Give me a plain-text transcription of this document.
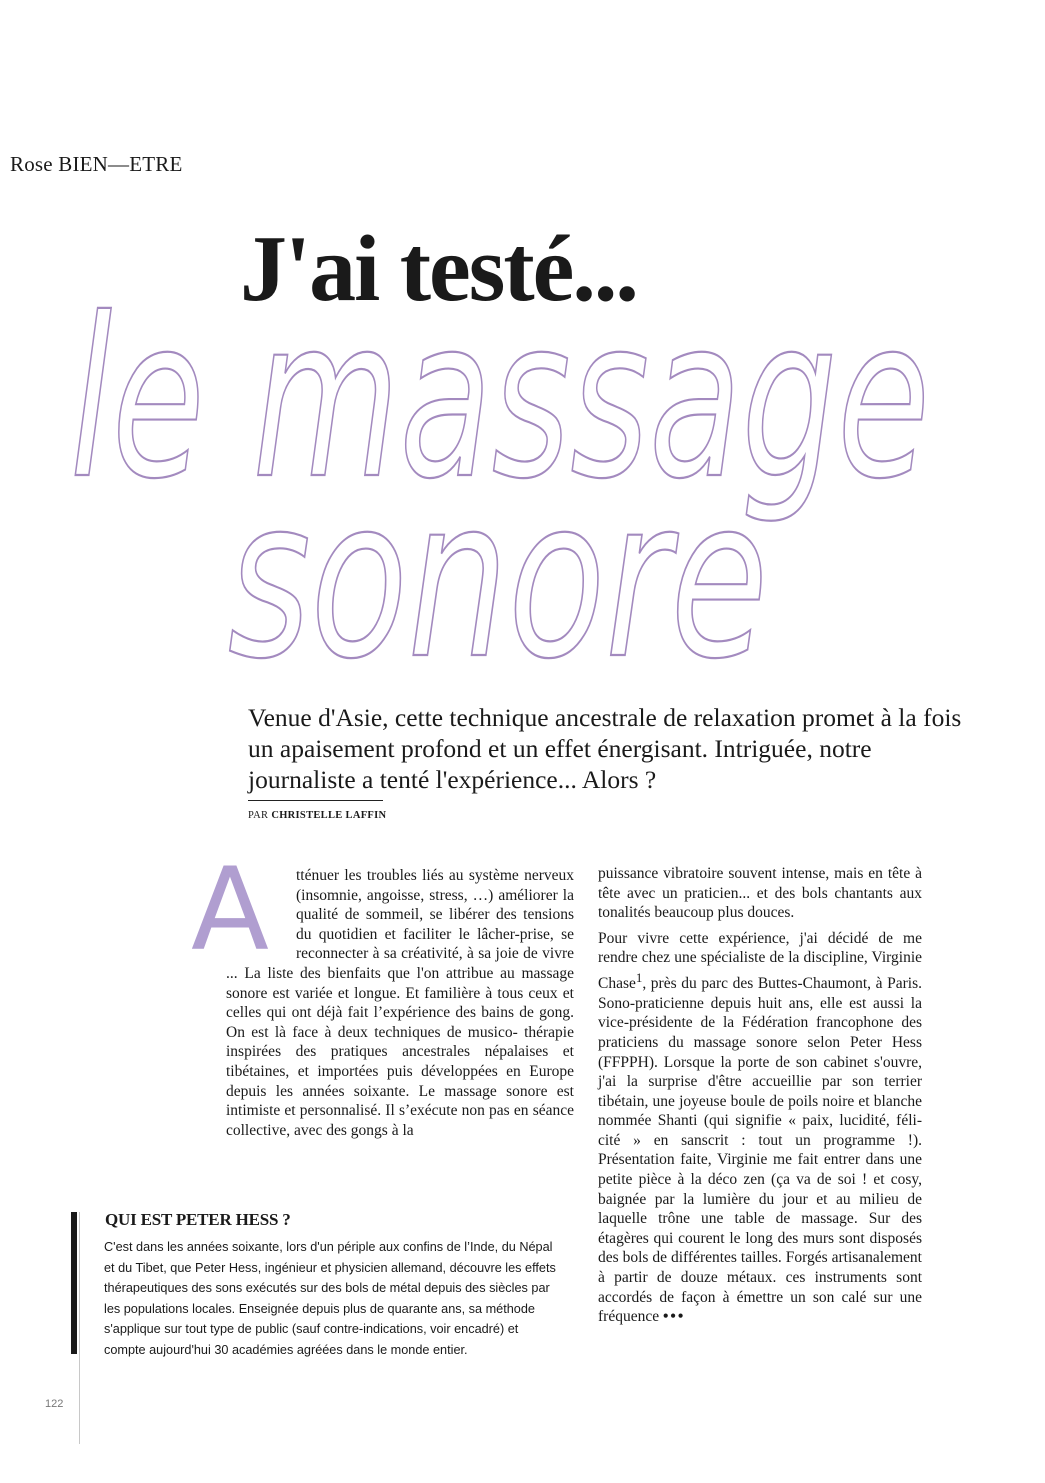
Rose BIEN—ETRE
J'ai testé...
le massage
sonore
Venue d'Asie, cette technique ancestrale de relaxation promet à la fois un apaisement profond et un effet énergisant. Intriguée, notre journaliste a tenté l'expérience... Alors ?
PAR CHRISTELLE LAFFIN
A	tténuer les troubles liés au système nerveux (insomnie, angoisse, stress, …) améliorer la qualité de sommeil, se libérer des tensions du quotidien et faciliter le lâcher-prise, se reconnecter à sa créativité, à sa joie de vivre ... La liste des bienfaits que l'on attribue au massage sonore est variée et longue. Et familière à tous ceux et celles qui ont déjà fait l’expérience des bains de gong. On est là face à deux techniques de musico- thérapie inspirées des pratiques ancestrales népalaises et tibétaines, et importées puis développées en Europe depuis les années soixante. Le massage sonore est intimiste et personnalisé. Il s’exécute non pas en séance collective, avec des gongs à la

puissance vibratoire souvent intense, mais en tête à tête avec un praticien... et des bols chantants aux tonalités beaucoup plus douces.

Pour vivre cette expérience, j'ai décidé de me rendre chez une spécialiste de la discipline, Virginie Chase$^1$, près du parc des Buttes-Chaumont, à Paris. Sono-praticienne depuis huit ans, elle est aussi la vice-présidente de la Fédération francophone des praticiens du massage sonore selon Peter Hess (FFPPH). Lorsque la porte de son cabinet s'ouvre, j'ai la surprise d'être accueillie par son terrier tibétain, une joyeuse boule de poils noire et blanche nommée Shanti (qui signifie « paix, lucidité, féli-cité » en sanscrit : tout un programme !). Présentation faite, Virginie me fait entrer dans une petite pièce à la déco zen (ça va de soi ! et cosy, baignée par la lumière du jour et au milieu de laquelle trône une table de massage. Sur des étagères qui courent le long des murs sont disposés des bols de différentes tailles. Forgés artisanalement à partir de douze métaux. ces instruments sont accordés de façon à émettre un son calé sur une fréquence •••

QUI EST PETER HESS ?
C'est dans les années soixante, lors d'un périple aux confins de l’Inde, du Népal et du Tibet, que Peter Hess, ingénieur et physicien allemand, découvre les effets thérapeutiques des sons exécutés sur des bols de métal depuis des siècles par les populations locales. Enseignée depuis plus de quarante ans, sa méthode s'applique sur tout type de public (sauf contre-indications, voir encadré) et compte aujourd'hui 30 académies agréées dans le monde entier.
122
